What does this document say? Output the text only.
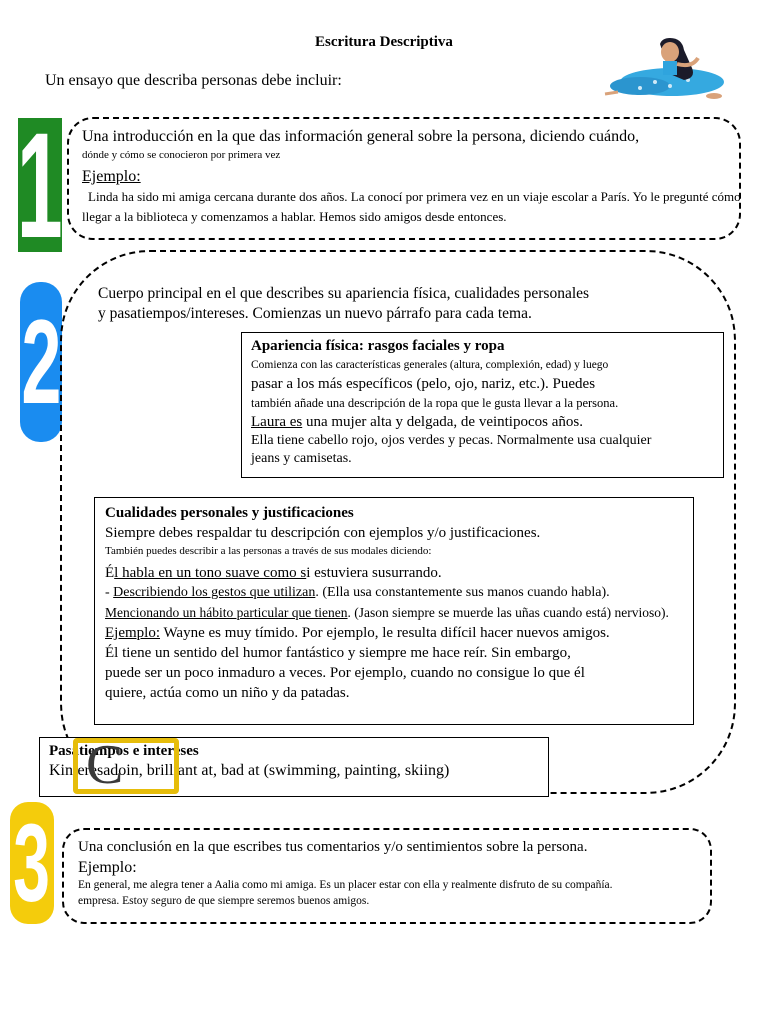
Escritura Descriptiva
Un ensayo que describa personas debe incluir:
1
2
3
Una introducción en la que das información general sobre la persona, diciendo cuándo,
dónde y cómo se conocieron por primera vez
Ejemplo:
Linda ha sido mi amiga cercana durante dos años. La conocí por primera vez en un viaje escolar a París. Yo le pregunté cómo llegar a la biblioteca y comenzamos a hablar. Hemos sido amigos desde entonces.
Cuerpo principal en el que describes su apariencia física, cualidades personales
y pasatiempos/intereses. Comienzas un nuevo párrafo para cada tema.
Apariencia física: rasgos faciales y ropa
Comienza con las características generales (altura, complexión, edad) y luego
pasar a los más específicos (pelo, ojo, nariz, etc.). Puedes
también añade una descripción de la ropa que le gusta llevar a la persona.
Laura es una mujer alta y delgada, de veintipocos años.
Ella tiene cabello rojo, ojos verdes y pecas. Normalmente usa cualquier
jeans y camisetas.
Cualidades personales y justificaciones
Siempre debes respaldar tu descripción con ejemplos y/o justificaciones.
También puedes describir a las personas a través de sus modales diciendo:
Él habla en un tono suave como si estuviera susurrando.
- Describiendo los gestos que utilizan. (Ella usa constantemente sus manos cuando habla).
Mencionando un hábito particular que tienen. (Jason siempre se muerde las uñas cuando está) nervioso).
Ejemplo: Wayne es muy tímido. Por ejemplo, le resulta difícil hacer nuevos amigos.
Él tiene un sentido del humor fantástico y siempre me hace reír. Sin embargo,
puede ser un poco inmaduro a veces. Por ejemplo, cuando no consigue lo que él
quiere, actúa como un niño y da patadas.
Pasatiempos e intereses
Kinteresadoin, brilliant at, bad at (swimming, painting, skiing)
C
Una conclusión en la que escribes tus comentarios y/o sentimientos sobre la persona.
Ejemplo:
En general, me alegra tener a Aalia como mi amiga. Es un placer estar con ella y realmente disfruto de su compañía.
empresa. Estoy seguro de que siempre seremos buenos amigos.
